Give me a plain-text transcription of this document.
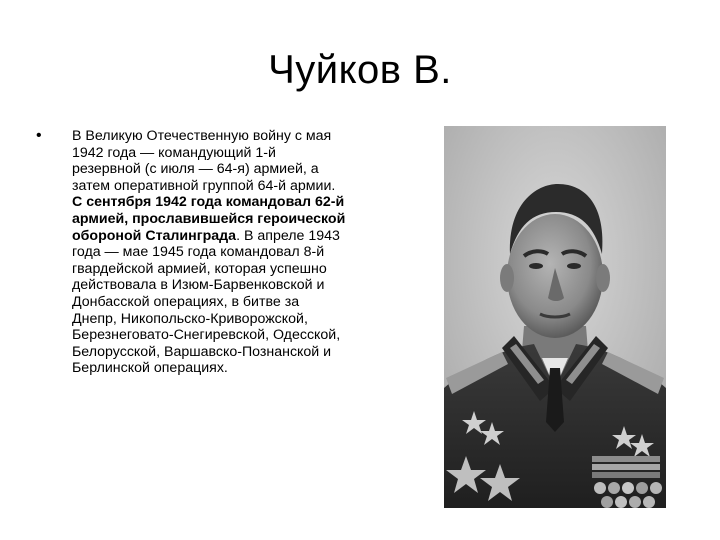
Чуйков В.
• В Великую Отечественную войну с мая 1942 года — командующий 1-й резервной (с июля — 64-я) армией, а затем оперативной группой 64-й армии. С сентября 1942 года командовал 62-й армией, прославившейся героической обороной Сталинграда. В апреле 1943 года — мае 1945 года командовал 8-й гвардейской армией, которая успешно действовала в Изюм-Барвенковской и Донбасской операциях, в битве за Днепр, Никопольско-Криворожской, Березнеговато-Снегиревской, Одесской, Белорусской, Варшавско-Познанской и Берлинской операциях.
